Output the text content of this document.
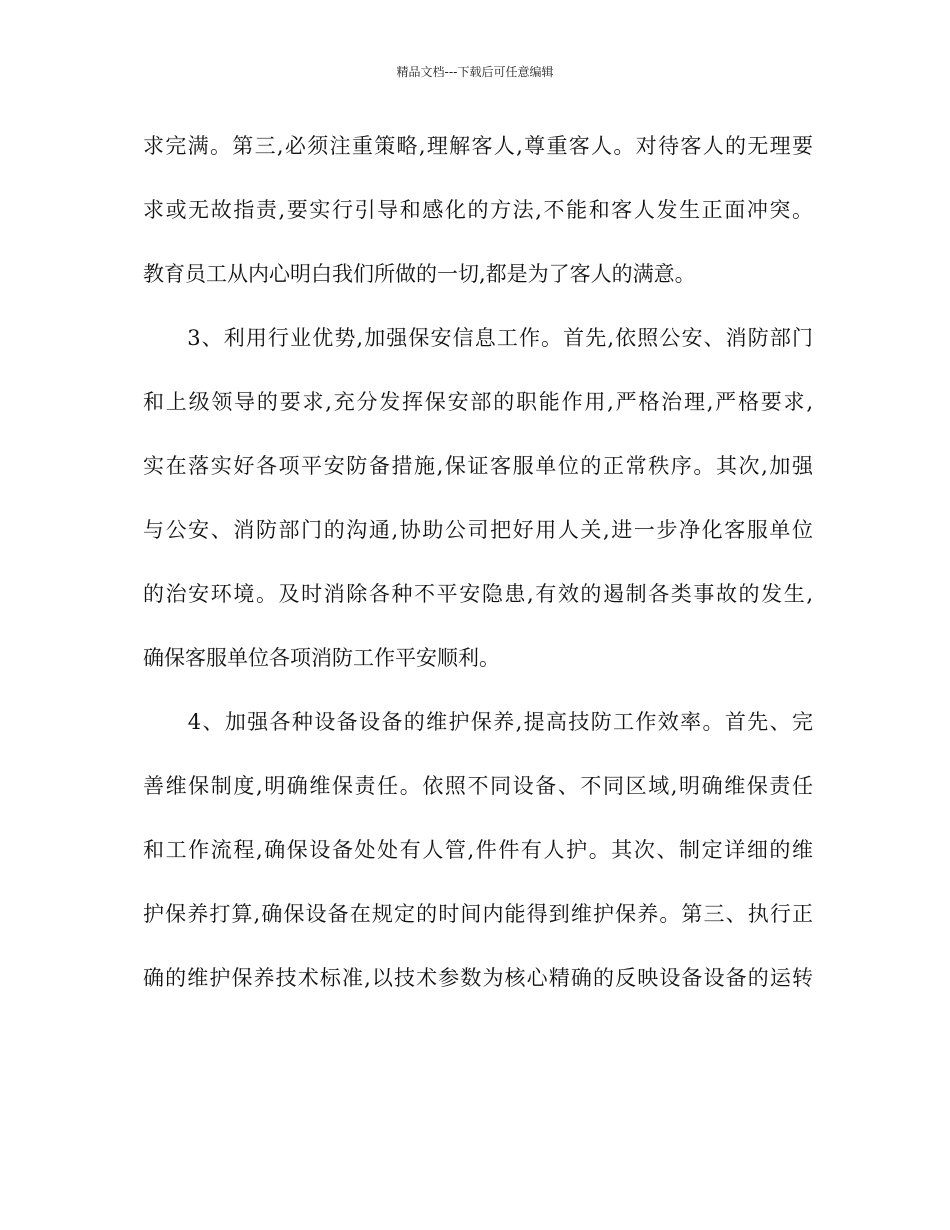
精品文档---下载后可任意编辑
求完满。第三,必须注重策略,理解客人,尊重客人。对待客人的无理要
求或无故指责,要实行引导和感化的方法,不能和客人发生正面冲突。
教育员工从内心明白我们所做的一切,都是为了客人的满意。
　　3、利用行业优势,加强保安信息工作。首先,依照公安、消防部门
和上级领导的要求,充分发挥保安部的职能作用,严格治理,严格要求,
实在落实好各项平安防备措施,保证客服单位的正常秩序。其次,加强
与公安、消防部门的沟通,协助公司把好用人关,进一步净化客服单位
的治安环境。及时消除各种不平安隐患,有效的遏制各类事故的发生,
确保客服单位各项消防工作平安顺利。
　　4、加强各种设备设备的维护保养,提高技防工作效率。首先、完
善维保制度,明确维保责任。依照不同设备、不同区域,明确维保责任
和工作流程,确保设备处处有人管,件件有人护。其次、制定详细的维
护保养打算,确保设备在规定的时间内能得到维护保养。第三、执行正
确的维护保养技术标准,以技术参数为核心精确的反映设备设备的运转
